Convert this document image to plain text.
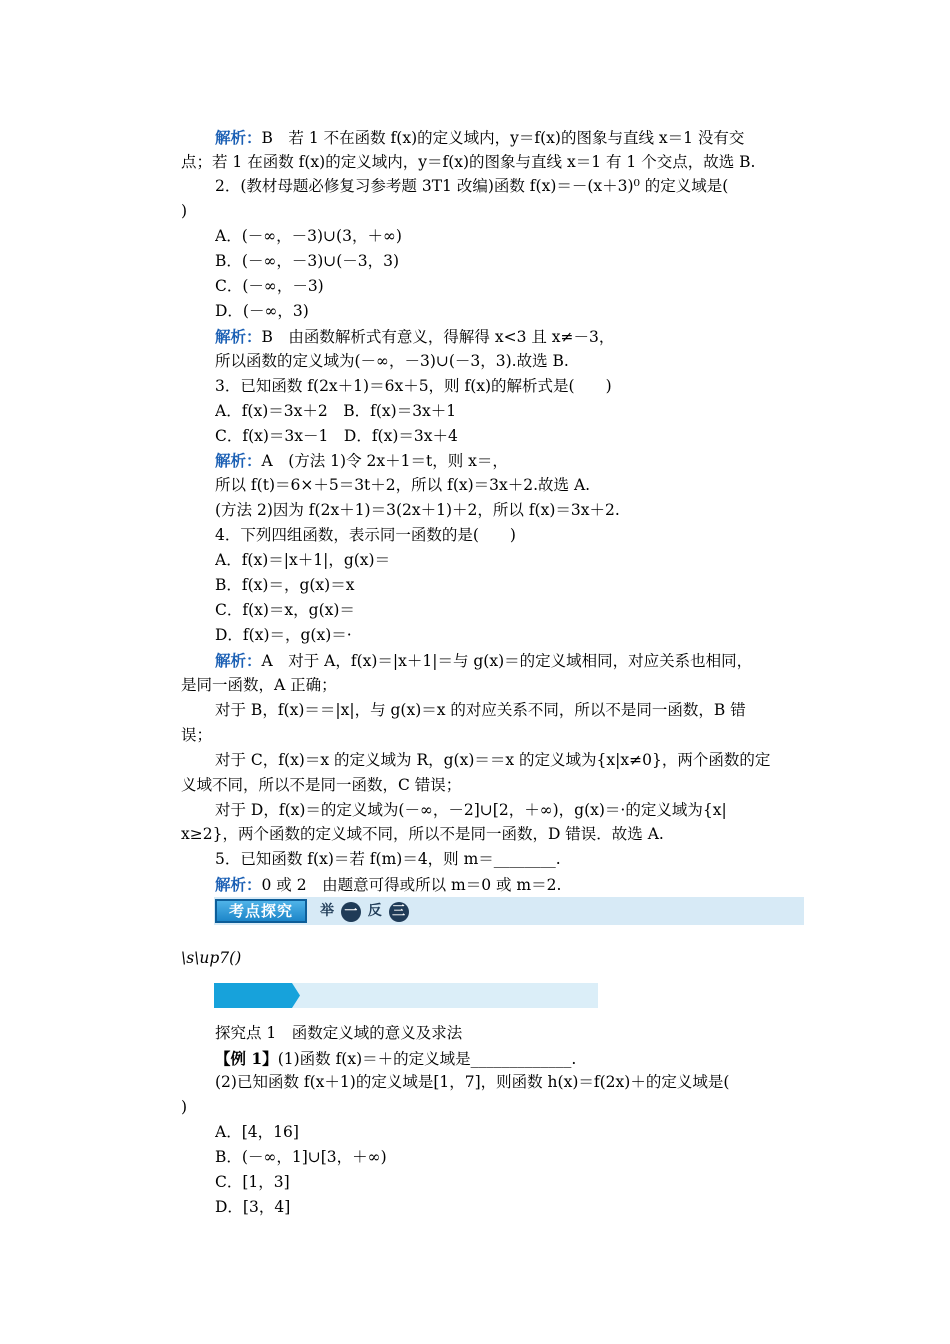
解析：B　若 1 不在函数 f(x)的定义域内，y＝f(x)的图象与直线 x＝1 没有交
点；若 1 在函数 f(x)的定义域内，y＝f(x)的图象与直线 x＝1 有 1 个交点，故选 B.
2．(教材母题必修复习参考题 3T1 改编)函数 f(x)＝－(x＋3)⁰ 的定义域是(
)
A．(－∞，－3)∪(3，＋∞)
B．(－∞，－3)∪(－3，3)
C．(－∞，－3)
D．(－∞，3)
解析：B　由函数解析式有意义，得解得 x<3 且 x≠－3，
所以函数的定义域为(－∞，－3)∪(－3，3).故选 B.
3．已知函数 f(2x＋1)＝6x＋5，则 f(x)的解析式是(　　)
A．f(x)＝3x＋2　B．f(x)＝3x＋1
C．f(x)＝3x－1　D．f(x)＝3x＋4
解析：A　(方法 1)令 2x＋1＝t，则 x＝，
所以 f(t)＝6×＋5＝3t＋2，所以 f(x)＝3x＋2.故选 A.
(方法 2)因为 f(2x＋1)＝3(2x＋1)＋2，所以 f(x)＝3x＋2.
4．下列四组函数，表示同一函数的是(　　)
A．f(x)＝|x＋1|，g(x)＝
B．f(x)＝，g(x)＝x
C．f(x)＝x，g(x)＝
D．f(x)＝，g(x)＝·
解析：A　对于 A，f(x)＝|x＋1|＝与 g(x)＝的定义域相同，对应关系也相同，
是同一函数，A 正确；
对于 B，f(x)＝＝|x|，与 g(x)＝x 的对应关系不同，所以不是同一函数，B 错
误；
对于 C，f(x)＝x 的定义域为 R，g(x)＝＝x 的定义域为{x|x≠0}，两个函数的定
义域不同，所以不是同一函数，C 错误；
对于 D，f(x)＝的定义域为(－∞，－2]∪[2，＋∞)，g(x)＝·的定义域为{x|
x≥2}，两个函数的定义域不同，所以不是同一函数，D 错误．故选 A.
5．已知函数 f(x)＝若 f(m)＝4，则 m＝________.
解析：0 或 2　由题意可得或所以 m＝0 或 m＝2.
考点探究	举 一 反 三
\s\up7()
探究点 1　函数定义域的意义及求法
【例 1】(1)函数 f(x)＝＋的定义域是_____________.
(2)已知函数 f(x＋1)的定义域是[1，7]，则函数 h(x)＝f(2x)＋的定义域是(
)
A．[4，16]
B．(－∞，1]∪[3，＋∞)
C．[1，3]
D．[3，4]
